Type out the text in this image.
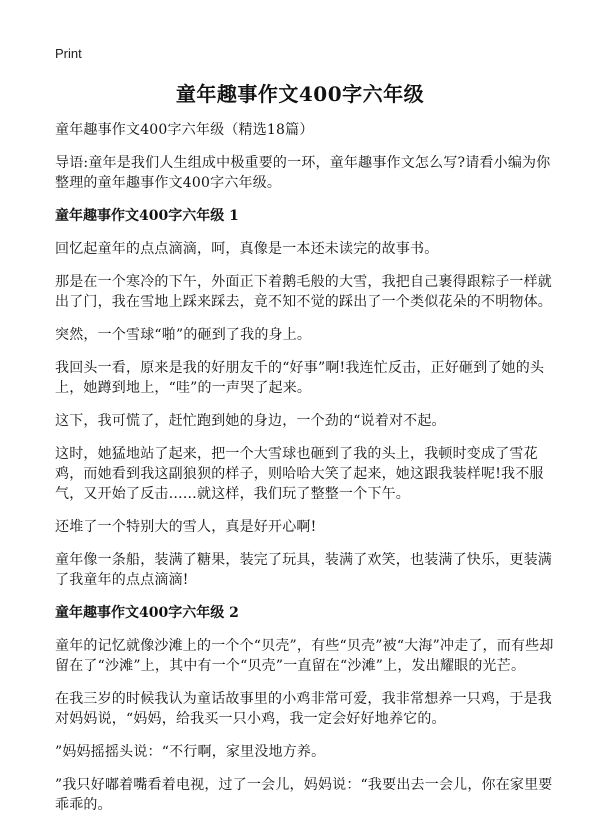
Print
童年趣事作文400字六年级

童年趣事作文400字六年级（精选18篇）

导语:童年是我们人生组成中极重要的一环，童年趣事作文怎么写?请看小编为你整理的童年趣事作文400字六年级。

童年趣事作文400字六年级 1

回忆起童年的点点滴滴，呵，真像是一本还未读完的故事书。

那是在一个寒冷的下午，外面正下着鹅毛般的大雪，我把自己裹得跟粽子一样就出了门，我在雪地上踩来踩去，竟不知不觉的踩出了一个类似花朵的不明物体。

突然，一个雪球“啪”的砸到了我的身上。

我回头一看，原来是我的好朋友千的“好事”啊!我连忙反击，正好砸到了她的头上，她蹲到地上，“哇”的一声哭了起来。

这下，我可慌了，赶忙跑到她的身边，一个劲的“说着对不起。

这时，她猛地站了起来，把一个大雪球也砸到了我的头上，我顿时变成了雪花鸡，而她看到我这副狼狈的样子，则哈哈大笑了起来，她这跟我装样呢!我不服气，又开始了反击……就这样，我们玩了整整一个下午。

还堆了一个特别大的雪人，真是好开心啊!

童年像一条船，装满了糖果，装完了玩具，装满了欢笑，也装满了快乐，更装满了我童年的点点滴滴!

童年趣事作文400字六年级 2

童年的记忆就像沙滩上的一个个“贝壳”，有些“贝壳”被“大海”冲走了，而有些却留在了“沙滩”上，其中有一个“贝壳”一直留在“沙滩”上，发出耀眼的光芒。

在我三岁的时候我认为童话故事里的小鸡非常可爱，我非常想养一只鸡，于是我对妈妈说，“妈妈，给我买一只小鸡，我一定会好好地养它的。

”妈妈摇摇头说：“不行啊，家里没地方养。

”我只好嘟着嘴看着电视，过了一会儿，妈妈说：“我要出去一会儿，你在家里要乖乖的。
